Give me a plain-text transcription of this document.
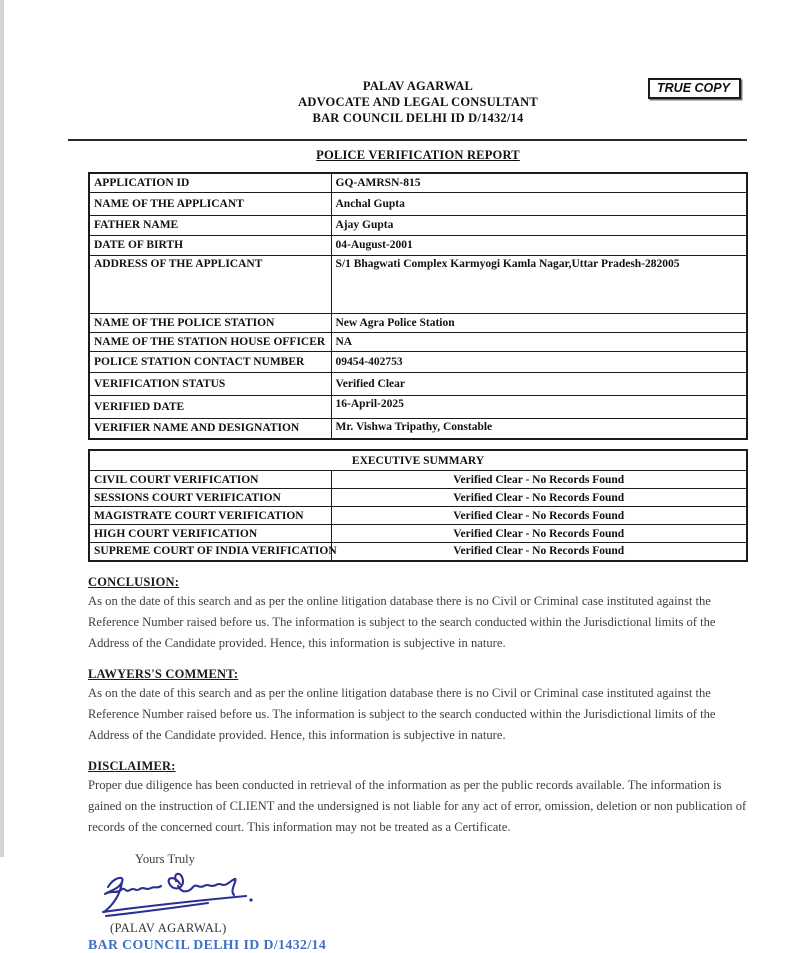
TRUE COPY
PALAV AGARWAL
ADVOCATE AND LEGAL CONSULTANT
BAR COUNCIL DELHI ID D/1432/14
POLICE VERIFICATION REPORT
APPLICATION ID	GQ-AMRSN-815
NAME OF THE APPLICANT	Anchal Gupta
FATHER NAME	Ajay Gupta
DATE OF BIRTH	04-August-2001
ADDRESS OF THE APPLICANT	S/1 Bhagwati Complex Karmyogi Kamla Nagar,Uttar Pradesh-282005
NAME OF THE POLICE STATION	New Agra Police Station
NAME OF THE STATION HOUSE OFFICER	NA
POLICE STATION CONTACT NUMBER	09454-402753
VERIFICATION STATUS	Verified Clear
VERIFIED DATE	16-April-2025
VERIFIER NAME AND DESIGNATION	Mr. Vishwa Tripathy, Constable
EXECUTIVE SUMMARY	
CIVIL COURT VERIFICATION	Verified Clear - No Records Found
SESSIONS COURT VERIFICATION	Verified Clear - No Records Found
MAGISTRATE COURT VERIFICATION	Verified Clear - No Records Found
HIGH COURT VERIFICATION	Verified Clear - No Records Found
SUPREME COURT OF INDIA VERIFICATION	Verified Clear - No Records Found
CONCLUSION:

As on the date of this search and as per the online litigation database there is no Civil or Criminal case instituted against the Reference Number raised before us. The information is subject to the search conducted within the Jurisdictional limits of the Address of the Candidate provided. Hence, this information is subjective in nature.

LAWYERS'S COMMENT:

As on the date of this search and as per the online litigation database there is no Civil or Criminal case instituted against the Reference Number raised before us. The information is subject to the search conducted within the Jurisdictional limits of the Address of the Candidate provided. Hence, this information is subjective in nature.

DISCLAIMER:

Proper due diligence has been conducted in retrieval of the information as per the public records available. The information is gained on the instruction of CLIENT and the undersigned is not liable for any act of error, omission, deletion or non publication of records of the concerned court. This information may not be treated as a Certificate.

Yours Truly
(PALAV AGARWAL)
BAR COUNCIL DELHI ID D/1432/14
